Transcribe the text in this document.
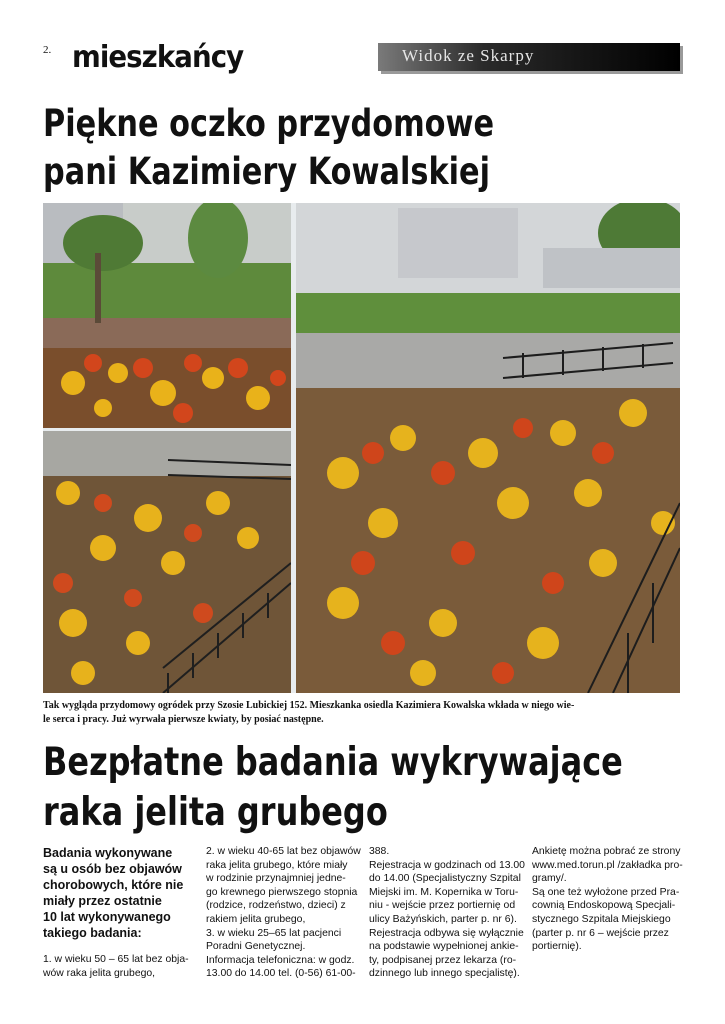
2. mieszkańcy	Widok ze Skarpy
Piękne oczko przydomowe
pani Kazimiery Kowalskiej
Tak wygląda przydomowy ogródek przy Szosie Lubickiej 152. Mieszkanka osiedla Kazimiera Kowalska wkłada w niego wie-
le serca i pracy. Już wyrwała pierwsze kwiaty, by posiać następne.
Bezpłatne badania wykrywające
raka jelita grubego
Badania wykonywane
są u osób bez objawów
chorobowych, które nie
miały przez ostatnie
10 lat wykonywanego
takiego badania:
1. w wieku 50 – 65 lat bez obja-
wów raka jelita grubego,
2. w wieku 40-65 lat bez objawów
raka jelita grubego, które miały
w rodzinie przynajmniej jedne-
go krewnego pierwszego stopnia
(rodzice, rodzeństwo, dzieci) z
rakiem jelita grubego,
3. w wieku 25–65 lat pacjenci
Poradni Genetycznej.
Informacja telefoniczna: w godz.
13.00 do 14.00 tel. (0-56) 61-00-
388.
Rejestracja w godzinach od 13.00
do 14.00 (Specjalistyczny Szpital
Miejski im. M. Kopernika w Toru-
niu - wejście przez portiernię od
ulicy Bażyńskich, parter p. nr 6).
Rejestracja odbywa się wyłącznie
na podstawie wypełnionej ankie-
ty, podpisanej przez lekarza (ro-
dzinnego lub innego specjalistę).
Ankietę można pobrać ze strony
www.med.torun.pl /zakładka pro-
gramy/.
Są one też wyłożone przed Pra-
cownią Endoskopową Specjali-
stycznego Szpitala Miejskiego
(parter p. nr 6 – wejście przez
portiernię).
